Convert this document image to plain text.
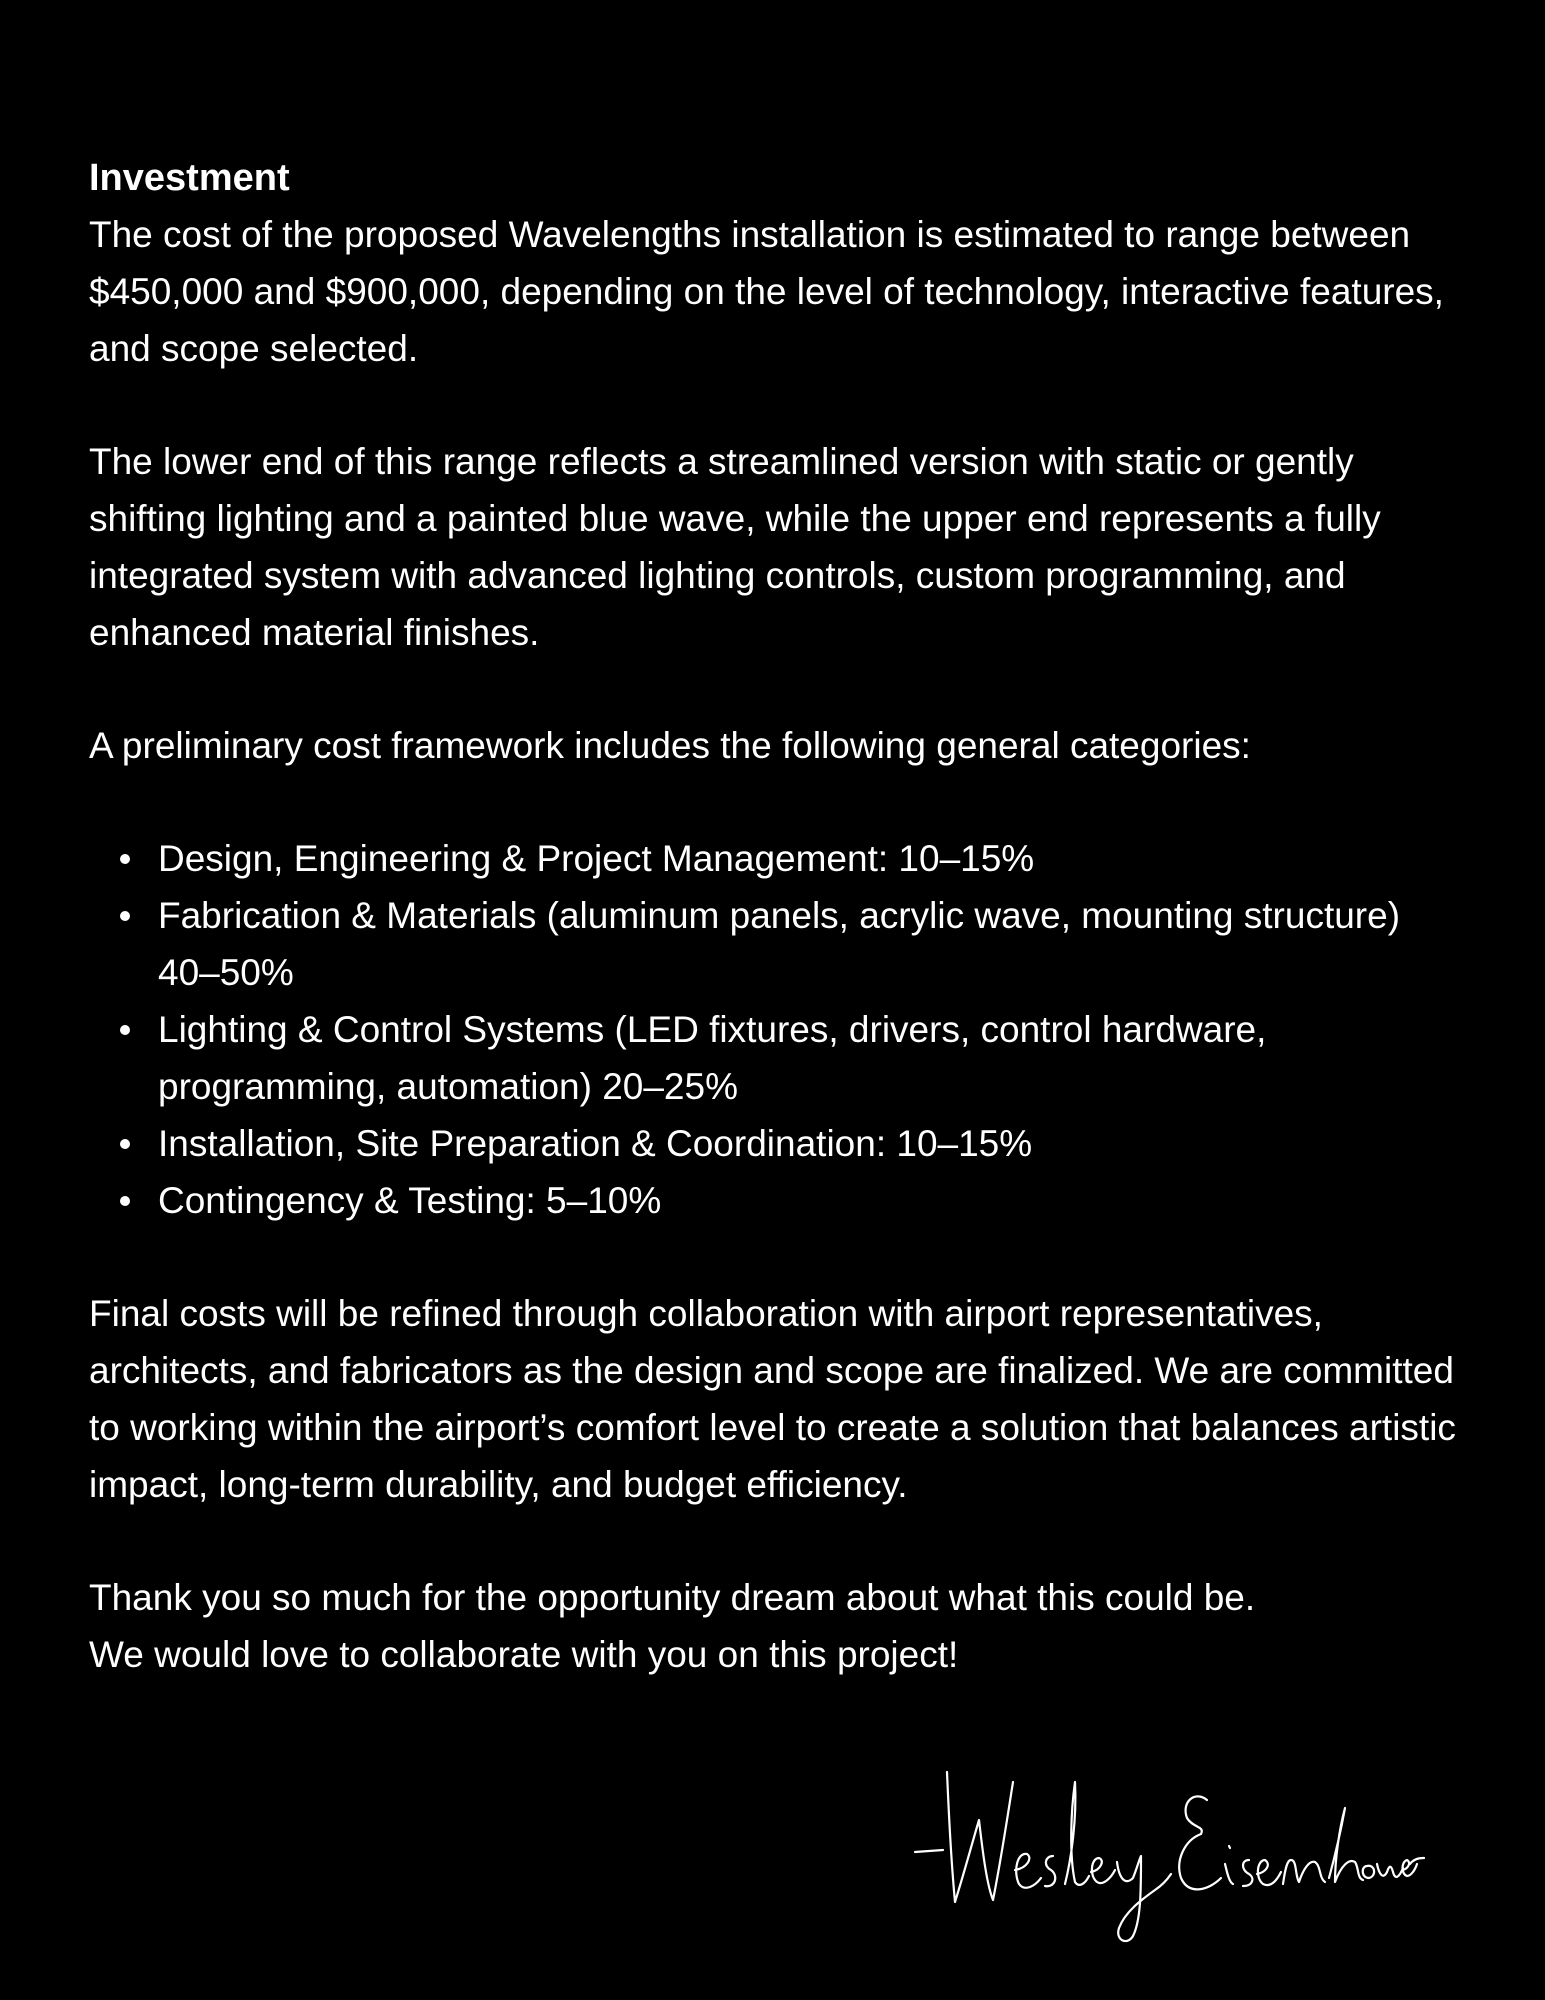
Investment

The cost of the proposed Wavelengths installation is estimated to range between $450,000 and $900,000, depending on the level of technology, interactive features, and scope selected.

The lower end of this range reflects a streamlined version with static or gently shifting lighting and a painted blue wave, while the upper end represents a fully integrated system with advanced lighting controls, custom programming, and enhanced material finishes.

A preliminary cost framework includes the following general categories:

Design, Engineering & Project Management: 10–15%
Fabrication & Materials (aluminum panels, acrylic wave, mounting structure) 40–50%
Lighting & Control Systems (LED fixtures, drivers, control hardware, programming, automation) 20–25%
Installation, Site Preparation & Coordination: 10–15%
Contingency & Testing: 5–10%

Final costs will be refined through collaboration with airport representatives, architects, and fabricators as the design and scope are finalized. We are committed to working within the airport’s comfort level to create a solution that balances artistic impact, long-term durability, and budget efficiency.

Thank you so much for the opportunity dream about what this could be.
We would love to collaborate with you on this project!
